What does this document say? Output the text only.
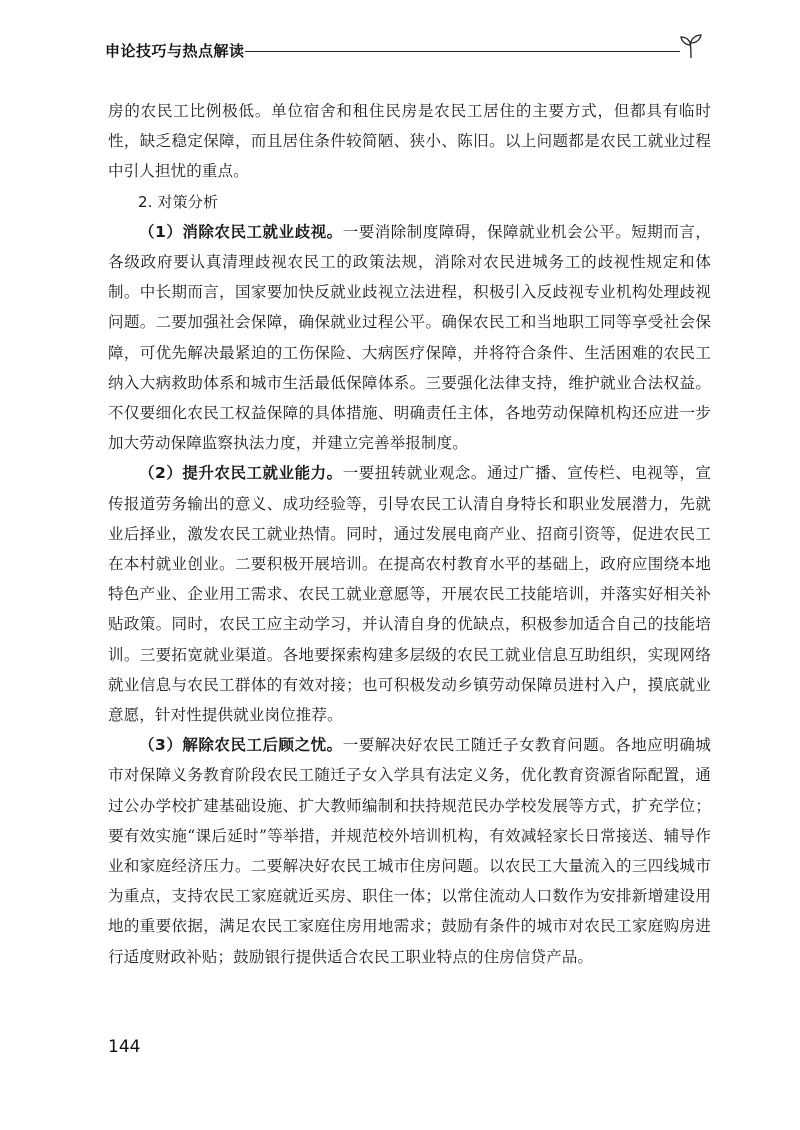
申论技巧与热点解读

房的农民工比例极低。单位宿舍和租住民房是农民工居住的主要方式，但都具有临时性，缺乏稳定保障，而且居住条件较简陋、狭小、陈旧。以上问题都是农民工就业过程中引人担忧的重点。

2. 对策分析

（1）消除农民工就业歧视。一要消除制度障碍，保障就业机会公平。短期而言，各级政府要认真清理歧视农民工的政策法规，消除对农民进城务工的歧视性规定和体制。中长期而言，国家要加快反就业歧视立法进程，积极引入反歧视专业机构处理歧视问题。二要加强社会保障，确保就业过程公平。确保农民工和当地职工同等享受社会保障，可优先解决最紧迫的工伤保险、大病医疗保障，并将符合条件、生活困难的农民工纳入大病救助体系和城市生活最低保障体系。三要强化法律支持，维护就业合法权益。不仅要细化农民工权益保障的具体措施、明确责任主体，各地劳动保障机构还应进一步加大劳动保障监察执法力度，并建立完善举报制度。

（2）提升农民工就业能力。一要扭转就业观念。通过广播、宣传栏、电视等，宣传报道劳务输出的意义、成功经验等，引导农民工认清自身特长和职业发展潜力，先就业后择业，激发农民工就业热情。同时，通过发展电商产业、招商引资等，促进农民工在本村就业创业。二要积极开展培训。在提高农村教育水平的基础上，政府应围绕本地特色产业、企业用工需求、农民工就业意愿等，开展农民工技能培训，并落实好相关补贴政策。同时，农民工应主动学习，并认清自身的优缺点，积极参加适合自己的技能培训。三要拓宽就业渠道。各地要探索构建多层级的农民工就业信息互助组织，实现网络就业信息与农民工群体的有效对接；也可积极发动乡镇劳动保障员进村入户，摸底就业意愿，针对性提供就业岗位推荐。

（3）解除农民工后顾之忧。一要解决好农民工随迁子女教育问题。各地应明确城市对保障义务教育阶段农民工随迁子女入学具有法定义务，优化教育资源省际配置，通过公办学校扩建基础设施、扩大教师编制和扶持规范民办学校发展等方式，扩充学位；要有效实施“课后延时”等举措，并规范校外培训机构，有效减轻家长日常接送、辅导作业和家庭经济压力。二要解决好农民工城市住房问题。以农民工大量流入的三四线城市为重点，支持农民工家庭就近买房、职住一体；以常住流动人口数作为安排新增建设用地的重要依据，满足农民工家庭住房用地需求；鼓励有条件的城市对农民工家庭购房进行适度财政补贴；鼓励银行提供适合农民工职业特点的住房信贷产品。

144
